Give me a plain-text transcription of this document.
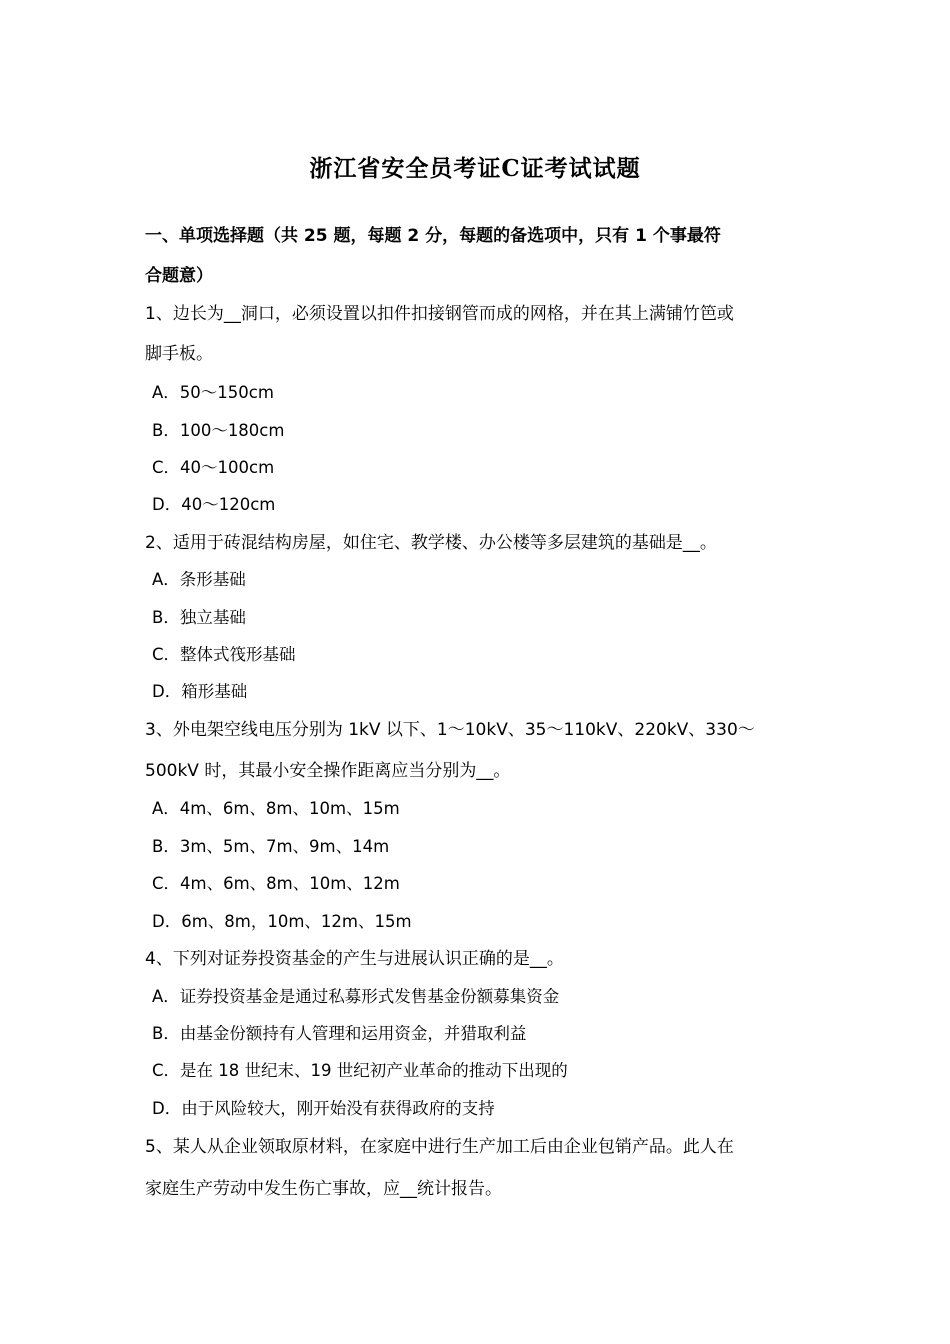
浙江省安全员考证C证考试试题
一、单项选择题（共 25 题，每题 2 分，每题的备选项中，只有 1 个事最符
合题意）
1、边长为__洞口，必须设置以扣件扣接钢管而成的网格，并在其上满铺竹笆或
脚手板。
A．50～150cm
B．100～180cm
C．40～100cm
D．40～120cm
2、适用于砖混结构房屋，如住宅、教学楼、办公楼等多层建筑的基础是__。
A．条形基础
B．独立基础
C．整体式筏形基础
D．箱形基础
3、外电架空线电压分别为 1kV 以下、1～10kV、35～110kV、220kV、330～
500kV 时，其最小安全操作距离应当分别为__。
A．4m、6m、8m、10m、15m
B．3m、5m、7m、9m、14m
C．4m、6m、8m、10m、12m
D．6m、8m，10m、12m、15m
4、下列对证券投资基金的产生与进展认识正确的是__。
A．证券投资基金是通过私募形式发售基金份额募集资金
B．由基金份额持有人管理和运用资金，并猎取利益
C．是在 18 世纪末、19 世纪初产业革命的推动下出现的
D．由于风险较大，刚开始没有获得政府的支持
5、某人从企业领取原材料，在家庭中进行生产加工后由企业包销产品。此人在
家庭生产劳动中发生伤亡事故，应__统计报告。
